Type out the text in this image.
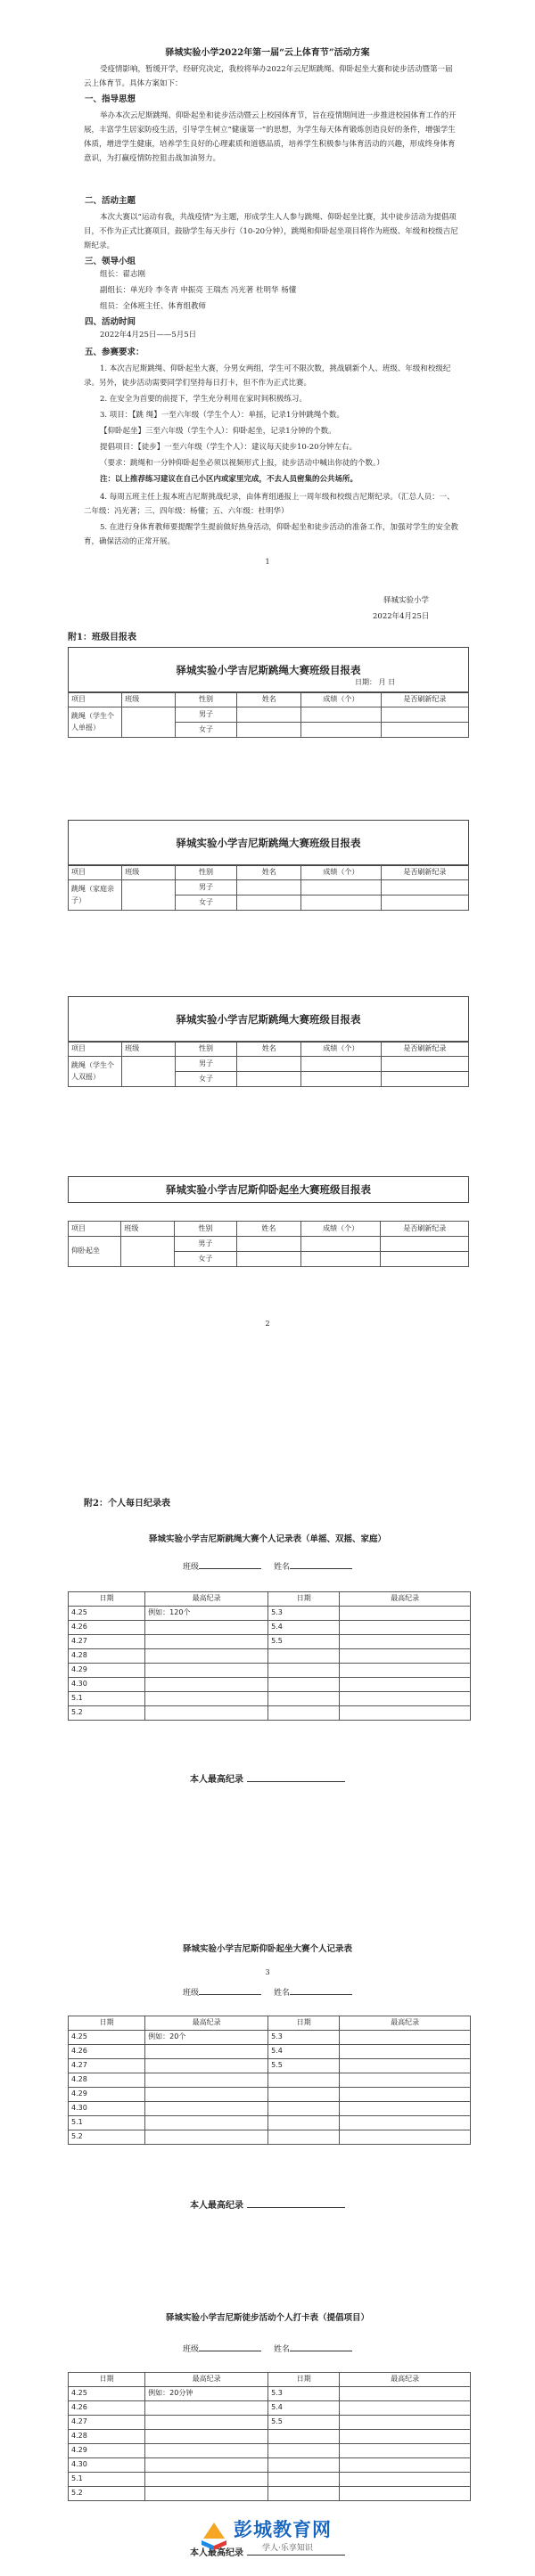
驿城实验小学2022年第一届“云上体育节”活动方案
受疫情影响，暂缓开学，经研究决定，我校将举办2022年云尼斯跳绳、仰卧起坐大赛和徒步活动暨第一届云上体育节。具体方案如下：
一、指导思想
举办本次云尼斯跳绳、仰卧起坐和徒步活动暨云上校园体育节，旨在疫情期间进一步推进校园体育工作的开展，丰富学生居家防疫生活，引导学生树立“健康第一”的思想，为学生每天体育锻炼创造良好的条件，增强学生体质，增进学生健康，培养学生良好的心理素质和道德品质，培养学生积极参与体育活动的兴趣，形成终身体育意识，为打赢疫情防控狙击战加油努力。
二、活动主题
本次大赛以“运动有我，共战疫情”为主题，形成学生人人参与跳绳、仰卧起坐比赛，其中徒步活动为提倡项目，不作为正式比赛项目，鼓励学生每天步行（10-20分钟），跳绳和仰卧起坐项目将作为班级、年级和校级吉尼斯纪录。
三、领导小组
组长：翟志刚
副组长：单光玲 李冬青 申振亮 王瑞杰 冯光著 杜明华 杨懂
组员：全体班主任、体育组教师
四、活动时间
2022年4月25日——5月5日
五、参赛要求：
1. 本次吉尼斯跳绳、仰卧起坐大赛，分男女两组，学生可不限次数，挑战刷新个人、班级、年级和校级纪录。另外，徒步活动需要同学们坚持每日打卡，但不作为正式比赛。
2. 在安全为首要的前提下，学生充分利用在家时间积极练习。
3. 项目：【跳 绳】一至六年级（学生个人）：单摇，记录1分钟跳绳个数。
【仰卧起坐】三至六年级（学生个人）：仰卧起坐，记录1分钟的个数。
提倡项目：【徒步】一至六年级（学生个人）：建议每天徒步10-20分钟左右。
（要求：跳绳和一分钟仰卧起坐必须以视频形式上报，徒步活动中喊出你徒的个数。）
注：以上推荐练习建议在自己小区内或家里完成，不去人员密集的公共场所。
4. 每周五班主任上报本班吉尼斯挑战纪录，由体育组通报上一周年级和校级吉尼斯纪录。（汇总人员：一、二年级：冯光著；三、四年级：杨懂；五、六年级：杜明华）
5. 在进行身体育教师要提醒学生提前做好热身活动，仰卧起坐和徒步活动的准备工作，加强对学生的安全教育，确保活动的正常开展。
1
驿城实验小学
2022年4月25日
附1：班级目报表
驿城实验小学吉尼斯跳绳大赛班级目报表
日期： 月 日
项目	班级	性别	姓名	成绩（个）	是否刷新纪录
跳绳（学生个人单摇）		男子			
		女子			
驿城实验小学吉尼斯跳绳大赛班级目报表
项目	班级	性别	姓名	成绩（个）	是否刷新纪录
跳绳（家庭亲子）		男子			
		女子			
驿城实验小学吉尼斯跳绳大赛班级目报表
项目	班级	性别	姓名	成绩（个）	是否刷新纪录
跳绳（学生个人双摇）		男子			
		女子			
驿城实验小学吉尼斯仰卧起坐大赛班级目报表
项目	班级	性别	姓名	成绩（个）	是否刷新纪录
仰卧起坐		男子			
		女子			
2
附2：个人每日纪录表
驿城实验小学吉尼斯跳绳大赛个人记录表（单摇、双摇、家庭）
班级	姓名
日期	最高纪录	日期	最高纪录
4.25	例如：120个	5.3	
4.26		5.4	
4.27		5.5	
4.28			
4.29			
4.30			
5.1			
5.2			
本人最高纪录
驿城实验小学吉尼斯仰卧起坐大赛个人记录表
班级	姓名
日期	最高纪录	日期	最高纪录
4.25	例如：20个	5.3	
4.26		5.4	
4.27		5.5	
4.28			
4.29			
4.30			
5.1			
5.2			
本人最高纪录
驿城实验小学吉尼斯徒步活动个人打卡表（提倡项目）
班级	姓名
日期	最高纪录	日期	最高纪录
4.25	例如：20分钟	5.3	
4.26		5.4	
4.27		5.5	
4.28			
4.29			
4.30			
5.1			
5.2			
本人最高纪录
3
彭城教育网
学人·乐享知识
